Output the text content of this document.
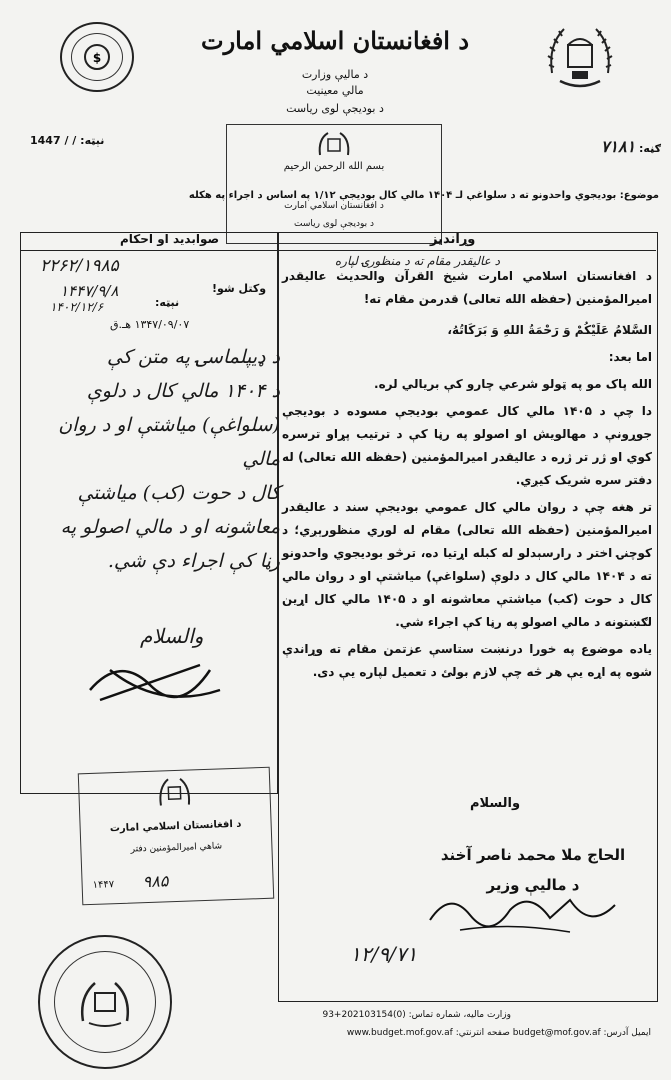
$
د افغانستان اسلامي امارت
د مالیې وزارت
مالي معینیت
د بودیجې لوی ریاست
ګڼه: ۷۱۸۱
نېټه: / / 1447
بسم الله الرحمن الرحيم
د افغانستان اسلامي امارت
د بودیجې لوی ریاست
موضوع: بودیجوي واحدونو ته د سلواغې لـ ۱۴۰۴ مالي کال بودیجې ۱/۱۲ په اساس د اجراء په هکله
وړاندیز
صوابدید او احکام
د عالیقدر مقام ته د منظورۍ لپاره

د افغانستان اسلامي امارت شیخ القرآن والحدیث عالیقدر امیرالمؤمنین (حفظه الله تعالی) قدرمن مقام ته!

السَّلامُ عَلَيْكُمْ وَ رَحْمَةُ اللهِ وَ بَرَكَاتُهُ،

اما بعد:

الله پاک مو په ټولو شرعي چارو کې بریالي لره.

دا چې د ۱۴۰۵ مالي کال عمومي بودیجې مسوده د بودیجې جوړونې د مهالویش او اصولو په رڼا کې د ترتیب پړاو ترسره کوي او ژر تر ژره د عالیقدر امیرالمؤمنین (حفظه الله تعالی) له دفتر سره شریک کیږي.

تر هغه چې د روان مالي کال عمومي بودیجې سند د عالیقدر امیرالمؤمنین (حفظه الله تعالی) مقام له لوري منظورېږي؛ د کوچنۍ اختر د رارسېدلو له کبله اړتیا ده، ترڅو بودیجوي واحدونو ته د ۱۴۰۴ مالي کال د دلوې (سلواغې) میاشتې او د روان مالي کال د حوت (کب) میاشتې معاشونه او د ۱۴۰۵ مالي کال اړین لګښتونه د مالي اصولو په رڼا کې اجراء شي.

یاده موضوع په خورا درنښت ستاسې عزتمن مقام ته وړاندې شوه په اړه یې هر څه چې لازم بولئ د تعمیل لپاره یې دی.

والسلام
الحاج ملا محمد ناصر آخند
د مالیې وزیر
۱۲/۹/۷۱
۲۲۶۲/۱۹۸۵
۱۴۴۷/۹/۸	وکتل شو!
نېټه:
۱۴۰۲/۱۲/۶
۱۳۴۷/۰۹/۰۷ هـ.ق
د ډیپلماسۍ په متن کې
د ۱۴۰۴ مالي کال د دلوې
(سلواغې) میاشتې او د روان مالي
کال د حوت (کب) میاشتې
معاشونه او د مالي اصولو په
رڼا کې اجراء دې شي.
والسلام
د افغانستان اسلامي امارت
شاهي امیرالمؤمنین دفتر
۹۸۵
۱۴۴۷
وزارت ماليه، شماره تماس: (0)202103154+93
ایمیل آدرس: budget@mof.gov.af صفحه انترنتي: www.budget.mof.gov.af
